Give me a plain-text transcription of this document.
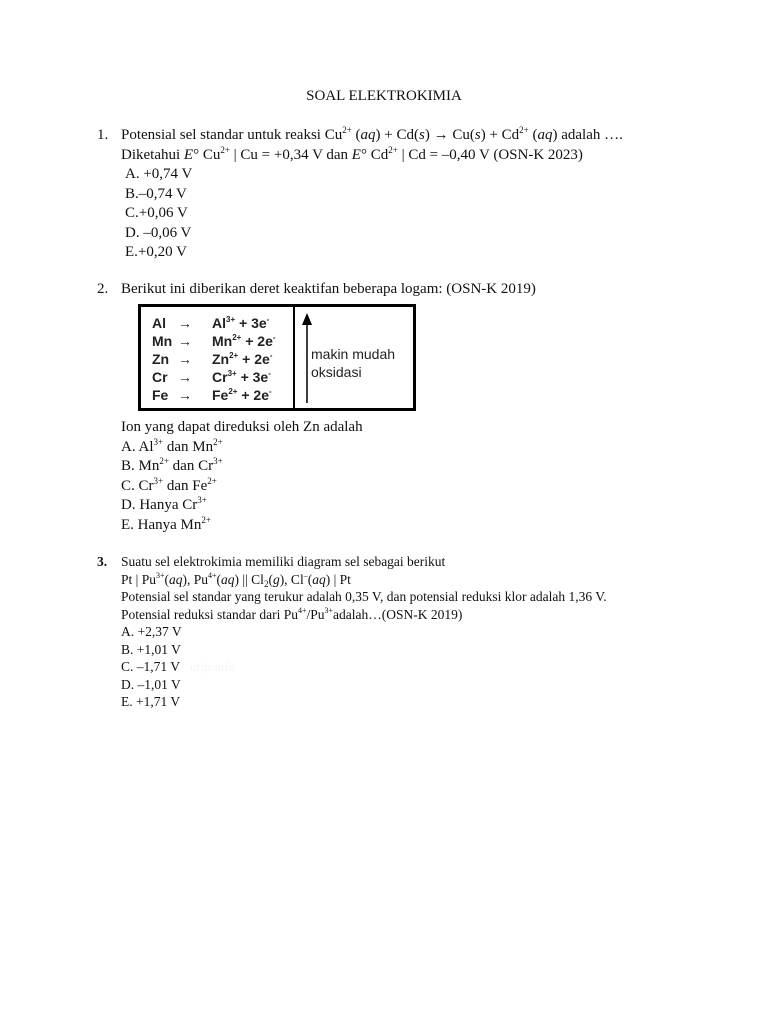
SOAL ELEKTROKIMIA
1. Potensial sel standar untuk reaksi $Cu^{2+}$ $(aq) + Cd(s) \to Cu(s) + Cd^{2+}$ (aq) adalah ….
Diketahui E° $Cu^{2+}$ | Cu = +0,34 V dan E° $Cd^{2+}$ | Cd = –0,40 V (OSN-K 2023)
A. +0,74 V
B.–0,74 V
C.+0,06 V
D. –0,06 V
E.+0,20 V
2. Berikut ini diberikan deret keaktifan beberapa logam: (OSN-K 2019)
$Al \to Al^{3+} + 3e^-$
$Mn \to Mn^{2+} + 2e^-$
$Zn \to Zn^{2+} + 2e^-$
$Cr \to Cr^{3+} + 3e^-$
$Fe \to Fe^{2+} + 2e^-$
makin mudah
oksidasi
Ion yang dapat direduksi oleh Zn adalah
A. $Al^{3+}$ dan $Mn^{2+}$
B. $Mn^{2+}$ dan $Cr^{3+}$
C. $Cr^{3+}$ dan $Fe^{2+}$
D. Hanya $Cr^{3+}$
E. Hanya $Mn^{2+}$
3. Suatu sel elektrokimia memiliki diagram sel sebagai berikut
Pt | $Pu^{3+}(aq)$, $Pu^{4+}(aq)$ || $Cl_2(g)$, Cl–(aq) | Pt
Potensial sel standar yang terukur adalah 0,35 V, dan potensial reduksi klor adalah 1,36 V.
Potensial reduksi standar dari $Pu^{4+}/Pu^{3+}adalah\dots(OSN-K$ 2019)
A. +2,37 V
B. +1,01 V
C. –1,71 V
D. –1,01 V
E. +1,71 V
urip.info
